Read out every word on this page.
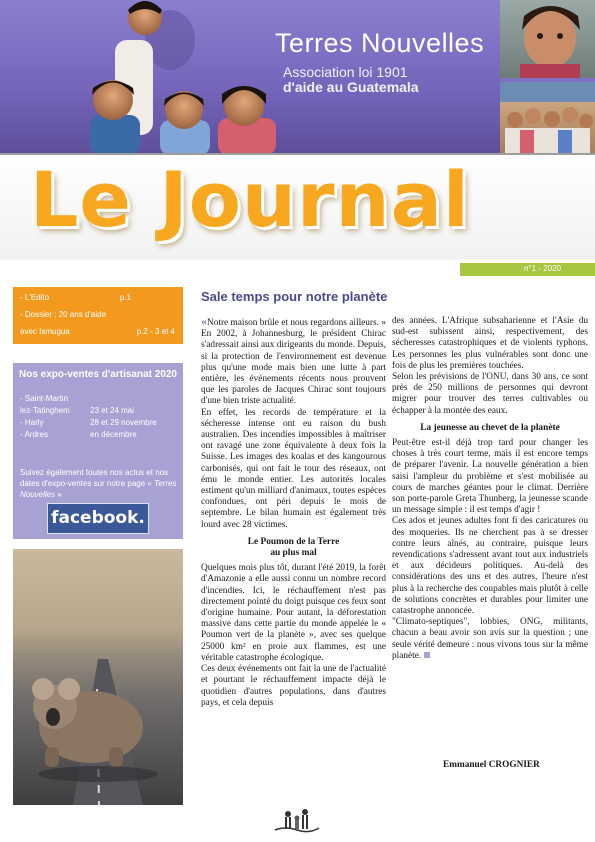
Terres Nouvelles
Association loi 1901
d'aide au Guatemala
Le Journal
n°1 - 2020
- L'Edito	p.1
- Dossier : 20 ans d'aide
avec Ismugua	p.2 - 3 et 4
Nos expo-ventes d'artisanat 2020
- Saint-Martin
lez-Tatinghem	23 et 24 mai
- Harly	28 et 29 novembre
- Ardres	en décembre
Suivez également toutes nos actus et nos dates d'expo-ventes sur notre page « Terres Nouvelles »
facebook.
Sale temps pour notre planète

«Notre maison brûle et nous regardons ailleurs. » En 2002, à Johannesburg, le président Chirac s'adressait ainsi aux dirigeants du monde. Depuis, si la protection de l'environnement est devenue plus qu'une mode mais bien une lutte à part entière, les événements récents nous prouvent que les paroles de Jacques Chirac sont toujours d'une bien triste actualité.

En effet, les records de température et la sécheresse intense ont eu raison du bush australien. Des incendies impossibles à maîtriser ont ravagé une zone équivalente à deux fois la Suisse. Les images des koalas et des kangourous carbonisés, qui ont fait le tour des réseaux, ont ému le monde entier. Les autorités locales estiment qu'un milliard d'animaux, toutes espèces confondues, ont péri depuis le mois de septembre. Le bilan humain est également très lourd avec 28 victimes.

Le Poumon de la Terre
au plus mal

Quelques mois plus tôt, durant l'été 2019, la forêt d'Amazonie a elle aussi connu un nombre record d'incendies. Ici, le réchauffement n'est pas directement pointé du doigt puisque ces feux sont d'origine humaine. Pour autant, la déforestation massive dans cette partie du monde appelée le « Poumon vert de la planète », avec ses quelque 25000 km² en proie aux flammes, est une véritable catastrophe écologique.

Ces deux événements ont fait la une de l'actualité et pourtant le réchauffement impacte déjà le quotidien d'autres populations, dans d'autres pays, et cela depuis

des années. L'Afrique subsaharienne et l'Asie du sud-est subissent ainsi, respectivement, des sécheresses catastrophiques et de violents typhons. Les personnes les plus vulnérables sont donc une fois de plus les premières touchées.

Selon les prévisions de l'ONU, dans 30 ans, ce sont près de 250 millions de personnes qui devront migrer pour trouver des terres cultivables ou échapper à la montée des eaux.

La jeunesse au chevet de la planète

Peut-être est-il déjà trop tard pour changer les choses à très court terme, mais il est encore temps de préparer l'avenir. La nouvelle génération a bien saisi l'ampleur du problème et s'est mobilisée au cours de marches géantes pour le climat. Derrière son porte-parole Greta Thunberg, la jeunesse scande un message simple : il est temps d'agir !

Ces ados et jeunes adultes font fi des caricatures ou des moqueries. Ils ne cherchent pas à se dresser contre leurs aînés, au contraire, puisque leurs revendications s'adressent avant tout aux industriels et aux décideurs politiques. Au-delà des considérations des uns et des autres, l'heure n'est plus à la recherche des coupables mais plutôt à celle de solutions concrètes et durables pour limiter une catastrophe annoncée.

"Climato-septiques", lobbies, ONG, militants, chacun a beau avoir son avis sur la question ; une seule vérité demeure : nous vivons tous sur la même planète.

Emmanuel CROGNIER
